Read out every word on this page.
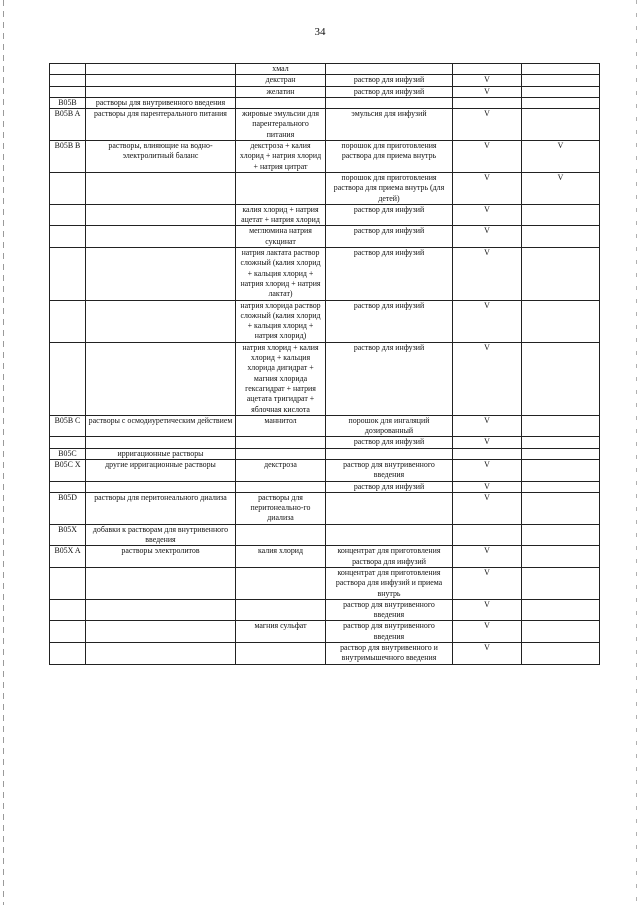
34
		хмал			
		декстран	раствор для инфузий	V	
		желатин	раствор для инфузий	V	
B05B	растворы для внутривенного введения				
B05B A	растворы для парентерального питания	жировые эмульсии для парентерального питания	эмульсия для инфузий	V	
B05B B	растворы, влияющие на водно-электролитный баланс	декстроза + калия хлорид + натрия хлорид + натрия цитрат	порошок для приготовления раствора для приема внутрь	V	V
			порошок для приготовления раствора для приема внутрь (для детей)	V	V
		калия хлорид + натрия ацетат + натрия хлорид	раствор для инфузий	V	
		меглюмина натрия сукцинат	раствор для инфузий	V	
		натрия лактата раствор сложный (калия хлорид + кальция хлорид + натрия хлорид + натрия лактат)	раствор для инфузий	V	
		натрия хлорида раствор сложный (калия хлорид + кальция хлорид + натрия хлорид)	раствор для инфузий	V	
		натрия хлорид + калия хлорид + кальция хлорида дигидрат + магния хлорида гексагидрат + натрия ацетата тригидрат + яблочная кислота	раствор для инфузий	V	
B05B C	растворы с осмодиуретическим действием	маннитол	порошок для ингаляций дозированный	V	
			раствор для инфузий	V	
B05C	ирригационные растворы				
B05C X	другие ирригационные растворы	декстроза	раствор для внутривенного введения	V	
			раствор для инфузий	V	
B05D	растворы для перитонеального диализа	растворы для перитонеально-го диализа		V	
B05X	добавки к растворам для внутривенного введения				
B05X A	растворы электролитов	калия хлорид	концентрат для приготовления раствора для инфузий	V	
			концентрат для приготовления раствора для инфузий и приема внутрь	V	
			раствор для внутривенного введения	V	
		магния сульфат	раствор для внутривенного введения	V	
			раствор для внутривенного и внутримышечного введения	V	
